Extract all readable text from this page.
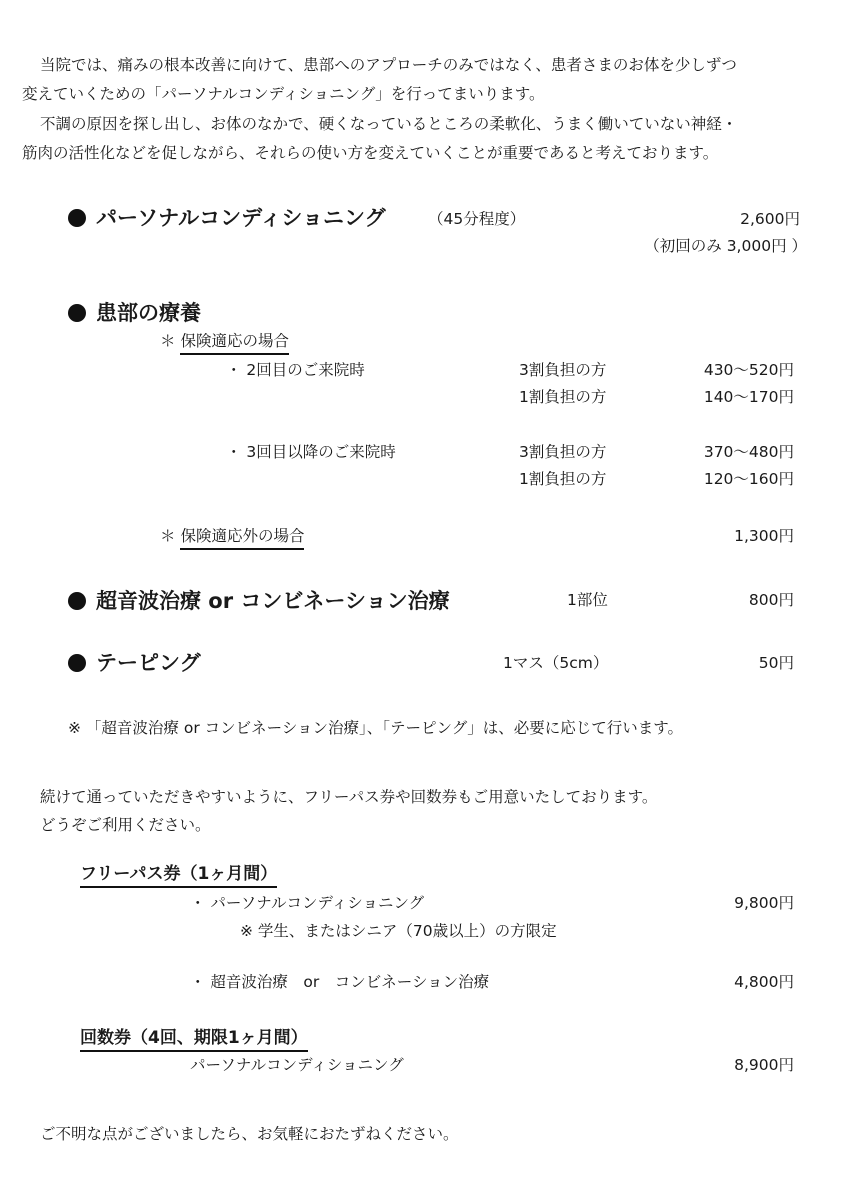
当院では、痛みの根本改善に向けて、患部へのアプローチのみではなく、患者さまのお体を少しずつ
変えていくための「パーソナルコンディショニング」を行ってまいります。
不調の原因を探し出し、お体のなかで、硬くなっているところの柔軟化、うまく働いていない神経・
筋肉の活性化などを促しながら、それらの使い方を変えていくことが重要であると考えております。
パーソナルコンディショニング	（45分程度）	2,600円
（初回のみ 3,000円 ）
患部の療養
＊ 保険適応の場合
・ 2回目のご来院時	3割負担の方	430〜520円
1割負担の方	140〜170円
・ 3回目以降のご来院時	3割負担の方	370〜480円
1割負担の方	120〜160円
＊ 保険適応外の場合	1,300円
超音波治療 or コンビネーション治療	1部位	800円
テーピング	1マス（5cm）	50円
※ 「超音波治療 or コンビネーション治療」、「テーピング」は、必要に応じて行います。
続けて通っていただきやすいように、フリーパス券や回数券もご用意いたしております。
どうぞご利用ください。
フリーパス券（1ヶ月間）
・ パーソナルコンディショニング	9,800円
※ 学生、またはシニア（70歳以上）の方限定
・ 超音波治療　or　コンビネーション治療	4,800円
回数券（4回、期限1ヶ月間）
パーソナルコンディショニング	8,900円
ご不明な点がございましたら、お気軽におたずねください。
